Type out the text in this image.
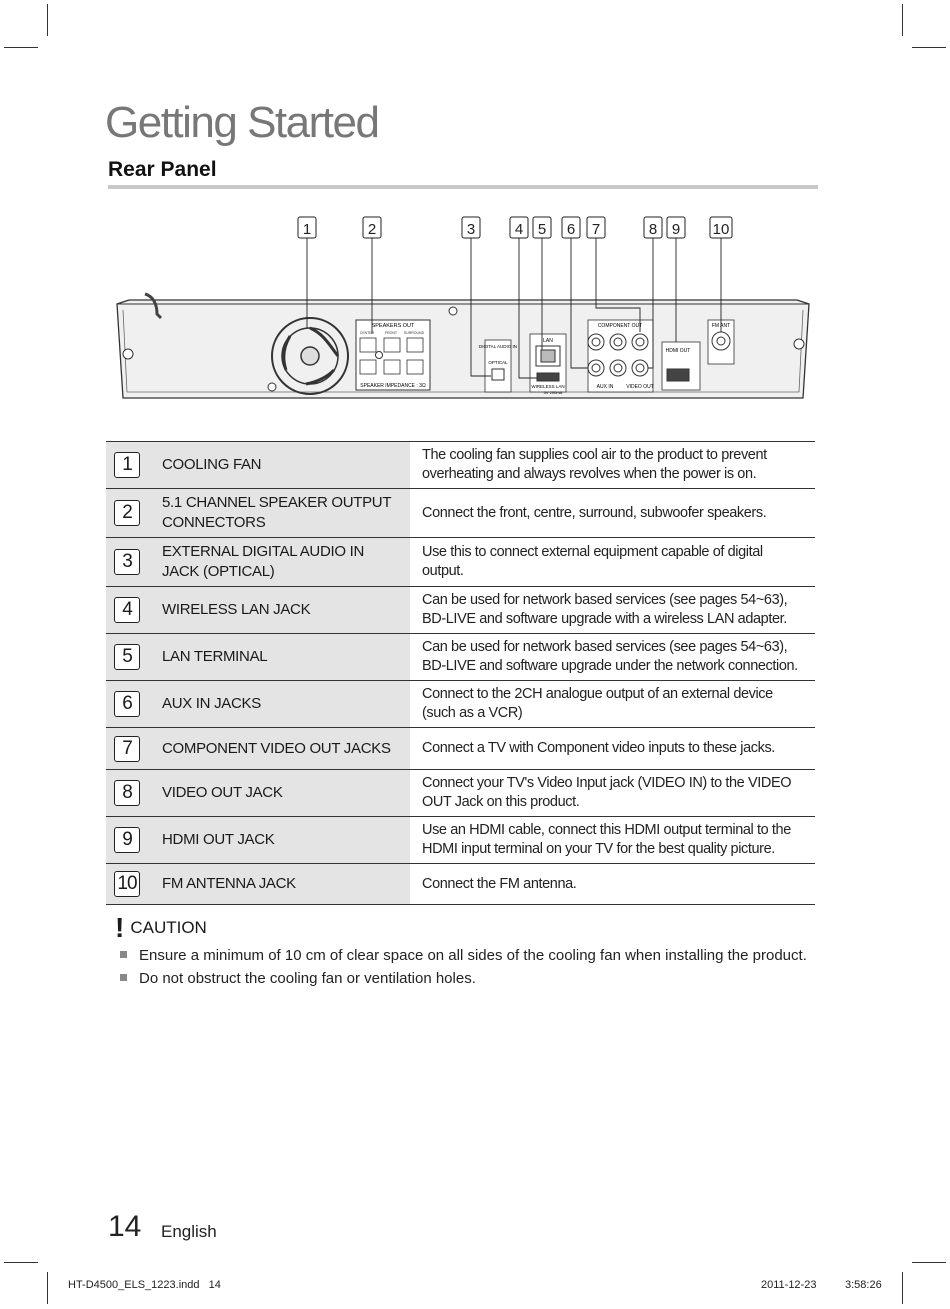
Getting Started
Rear Panel
1	2	3	4 5 6 7	8 9 10
SPEAKERS OUT
CENTER	FRONT SURROUND
SPEAKER IMPEDANCE : 3Ω
DIGITAL AUDIO IN
OPTICAL
LAN
WIRELESS LAN
5V 200mA
COMPONENT OUT
AUX IN	VIDEO OUT
HDMI OUT
FM ANT
1	COOLING FAN	The cooling fan supplies cool air to the product to prevent overheating and always revolves when the power is on.
2	5.1 CHANNEL SPEAKER OUTPUT CONNECTORS	Connect the front, centre, surround, subwoofer speakers.
3	EXTERNAL DIGITAL AUDIO IN JACK (OPTICAL)	Use this to connect external equipment capable of digital output.
4	WIRELESS LAN JACK	Can be used for network based services (see pages 54~63), BD-LIVE and software upgrade with a wireless LAN adapter.
5	LAN TERMINAL	Can be used for network based services (see pages 54~63), BD-LIVE and software upgrade under the network connection.
6	AUX IN JACKS	Connect to the 2CH analogue output of an external device (such as a VCR)
7	COMPONENT VIDEO OUT JACKS	Connect a TV with Component video inputs to these jacks.
8	VIDEO OUT JACK	Connect your TV's Video Input jack (VIDEO IN) to the VIDEO OUT Jack on this product.
9	HDMI OUT JACK	Use an HDMI cable, connect this HDMI output terminal to the HDMI input terminal on your TV for the best quality picture.
10	FM ANTENNA JACK	Connect the FM antenna.
! CAUTION
Ensure a minimum of 10 cm of clear space on all sides of the cooling fan when installing the product.
Do not obstruct the cooling fan or ventilation holes.
14 English
HT-D4500_ELS_1223.indd   14	2011-12-23	3:58:26
